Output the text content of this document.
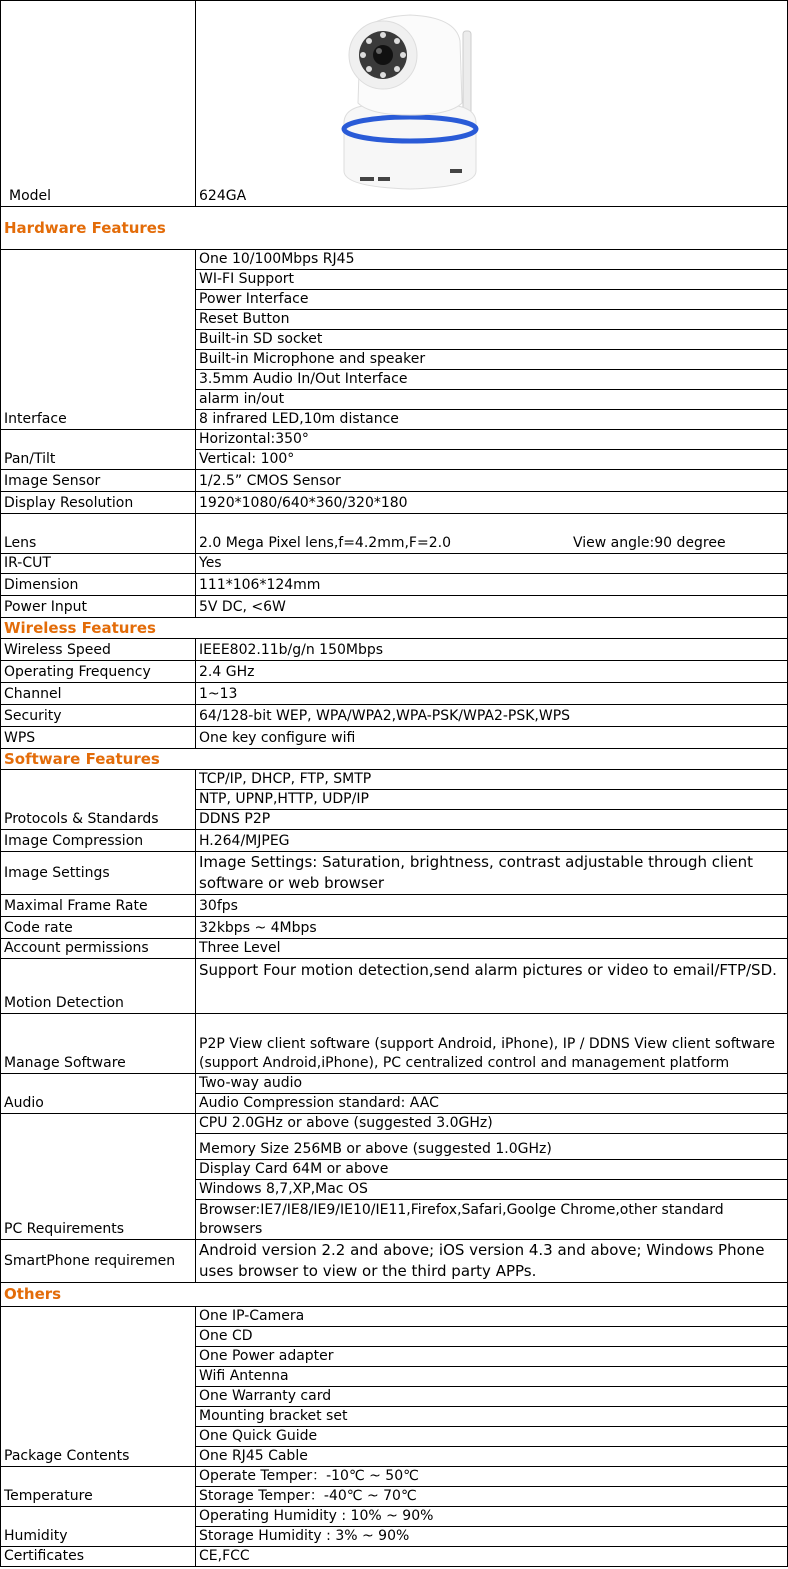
Model	624GA
Hardware Features	
Interface	One 10/100Mbps RJ45
	WI-FI Support
	Power Interface
	Reset Button
	Built-in SD socket
	Built-in Microphone and speaker
	3.5mm Audio In/Out Interface
	alarm in/out
	8 infrared LED,10m distance
Pan/Tilt	Horizontal:350°
	Vertical: 100°
Image Sensor	1/2.5” CMOS Sensor
Display Resolution	1920*1080/640*360/320*180
Lens	2.0 Mega Pixel lens,f=4.2mm,F=2.0 View angle:90 degree

IR-CUT	Yes
Dimension	111*106*124mm
Power Input	5V DC, <6W
Wireless Features	
Wireless Speed	IEEE802.11b/g/n 150Mbps
Operating Frequency	2.4 GHz
Channel	1~13
Security	64/128-bit WEP, WPA/WPA2,WPA-PSK/WPA2-PSK,WPS
WPS	One key configure wifi
Software Features	
Protocols & Standards	TCP/IP, DHCP, FTP, SMTP
	NTP, UPNP,HTTP, UDP/IP
	DDNS P2P
Image Compression	H.264/MJPEG
Image Settings	Image Settings: Saturation, brightness, contrast adjustable through client software or web browser
Maximal Frame Rate	30fps
Code rate	32kbps ~ 4Mbps
Account permissions	Three Level
Motion Detection	Support Four motion detection,send alarm pictures or video to email/FTP/SD.
Manage Software	P2P View client software (support Android, iPhone), IP / DDNS View client software (support Android,iPhone), PC centralized control and management platform
Audio	Two-way audio
	Audio Compression standard: AAC
PC Requirements	CPU 2.0GHz or above (suggested 3.0GHz)
	Memory Size 256MB or above (suggested 1.0GHz)
	Display Card 64M or above
	Windows 8,7,XP,Mac OS
	Browser:IE7/IE8/IE9/IE10/IE11,Firefox,Safari,Goolge Chrome,other standard browsers
SmartPhone requiremen	Android version 2.2 and above; iOS version 4.3 and above; Windows Phone uses browser to view or the third party APPs.
Others	
Package Contents	One IP-Camera
	One CD
	One Power adapter
	Wifi Antenna
	One Warranty card
	Mounting bracket set
	One Quick Guide
	One RJ45 Cable
Temperature	Operate Temper：-10℃ ~ 50℃
	Storage Temper：-40℃ ~ 70℃
Humidity	Operating Humidity : 10% ~ 90%
	Storage Humidity : 3% ~ 90%
Certificates	CE,FCC
